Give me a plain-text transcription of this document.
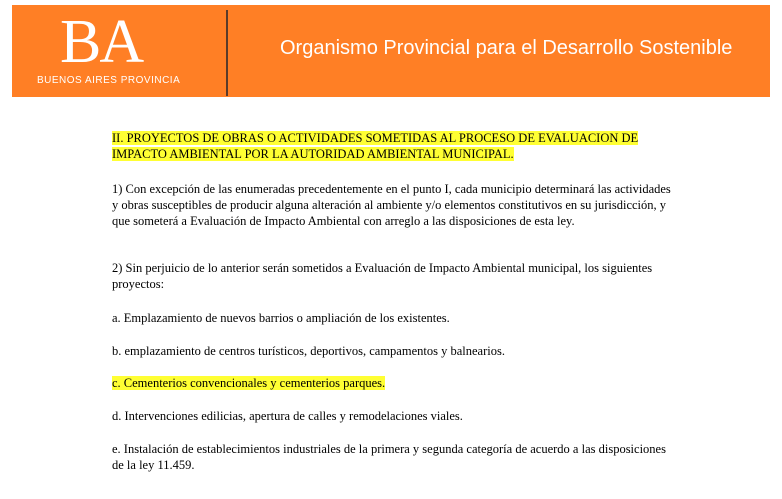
BA
BUENOS AIRES PROVINCIA
Organismo Provincial para el Desarrollo Sostenible

II. PROYECTOS DE OBRAS O ACTIVIDADES SOMETIDAS AL PROCESO DE EVALUACION DE IMPACTO AMBIENTAL POR LA AUTORIDAD AMBIENTAL MUNICIPAL.

1) Con excepción de las enumeradas precedentemente en el punto I, cada municipio determinará las actividades y obras susceptibles de producir alguna alteración al ambiente y/o elementos constitutivos en su jurisdicción, y que someterá a Evaluación de Impacto Ambiental con arreglo a las disposiciones de esta ley.

2) Sin perjuicio de lo anterior serán sometidos a Evaluación de Impacto Ambiental municipal, los siguientes proyectos:

a. Emplazamiento de nuevos barrios o ampliación de los existentes.

b. emplazamiento de centros turísticos, deportivos, campamentos y balnearios.

c. Cementerios convencionales y cementerios parques.

d. Intervenciones edilicias, apertura de calles y remodelaciones viales.

e. Instalación de establecimientos industriales de la primera y segunda categoría de acuerdo a las disposiciones de la ley 11.459.
